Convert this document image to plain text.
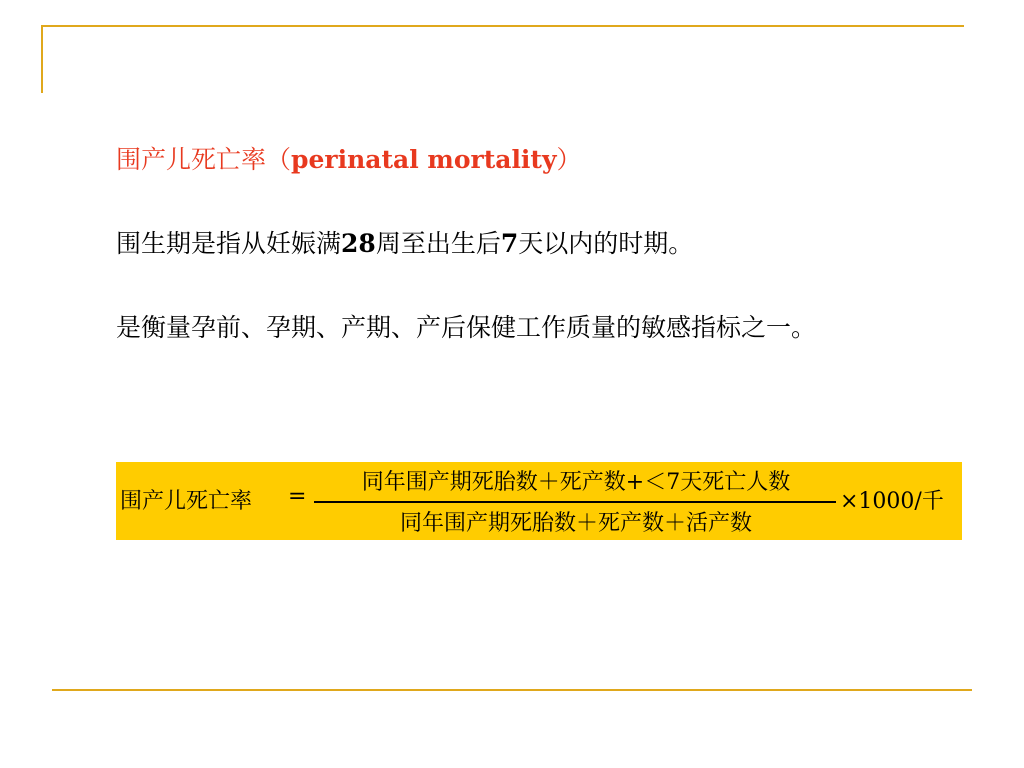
围产儿死亡率（perinatal mortality）
围生期是指从妊娠满28周至出生后7天以内的时期。
是衡量孕前、孕期、产期、产后保健工作质量的敏感指标之一。
围产儿死亡率 =
同年围产期死胎数＋死产数+＜7天死亡人数
同年围产期死胎数＋死产数＋活产数
×1000/千
